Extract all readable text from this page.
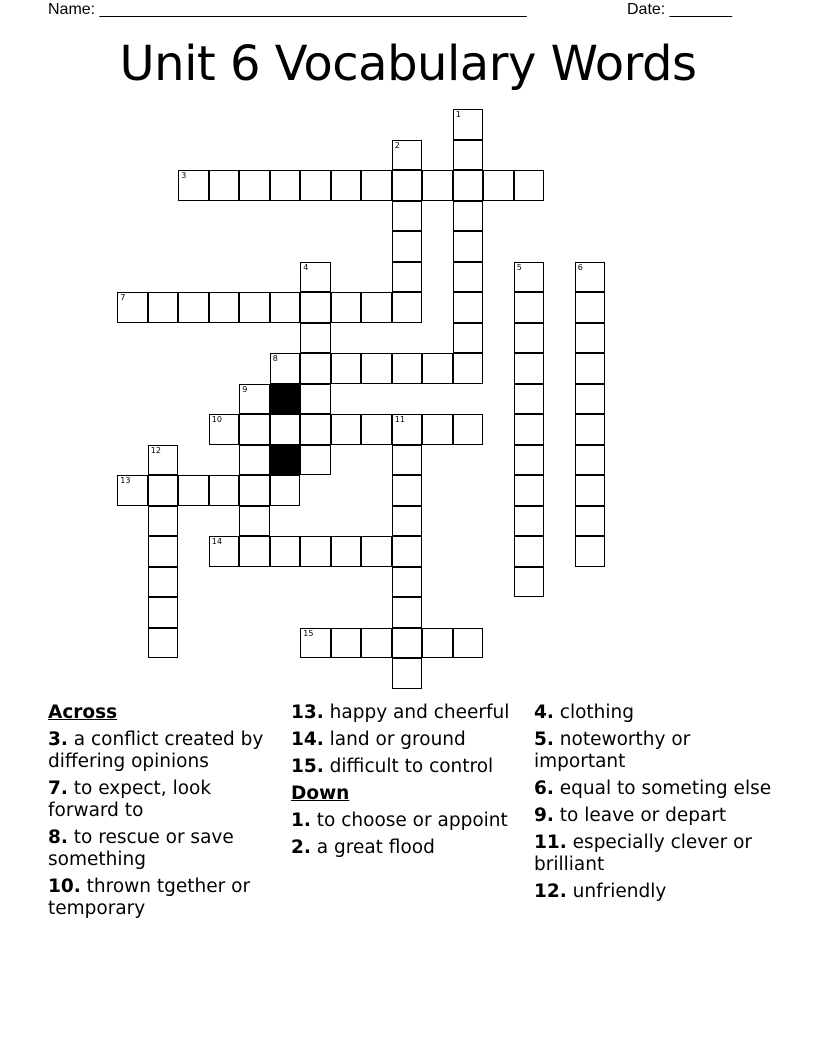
Name: ________________________________________________	Date: _______
Unit 6 Vocabulary Words
1
2
3
4	5	6
7
8
9
10	11
12
13
14
15
Across
3. a conflict created by differing opinions
7. to expect, look forward to
8. to rescue or save something
10. thrown tgether or temporary
13. happy and cheerful
14. land or ground
15. difficult to control
Down
1. to choose or appoint
2. a great flood
4. clothing
5. noteworthy or important
6. equal to someting else
9. to leave or depart
11. especially clever or brilliant
12. unfriendly
